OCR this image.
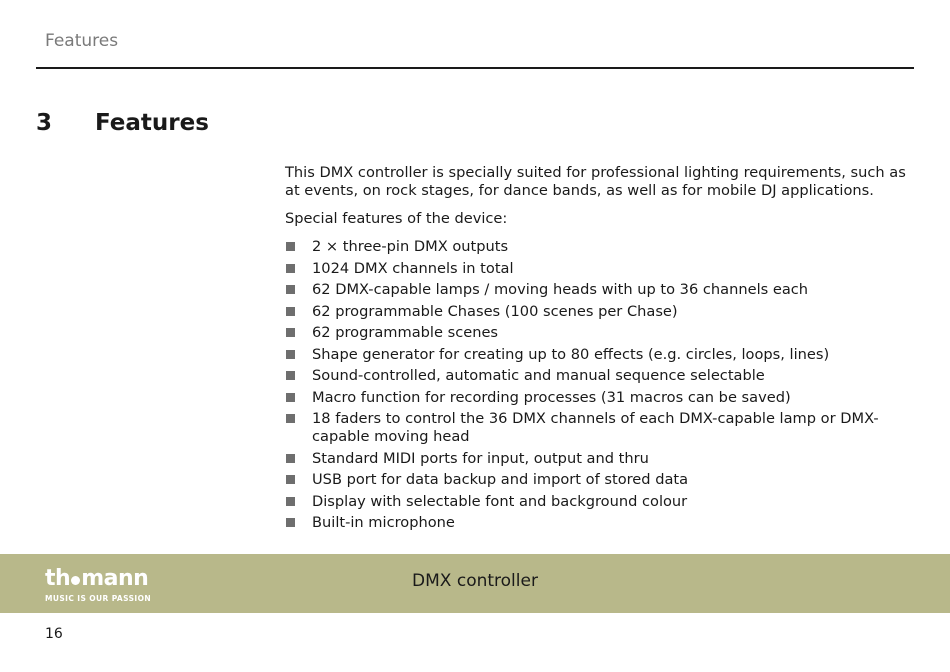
Features
3 Features

This DMX controller is specially suited for professional lighting requirements, such as at events, on rock stages, for dance bands, as well as for mobile DJ applications.

Special features of the device:

2 × three-pin DMX outputs
1024 DMX channels in total
62 DMX-capable lamps / moving heads with up to 36 channels each
62 programmable Chases (100 scenes per Chase)
62 programmable scenes
Shape generator for creating up to 80 effects (e.g. circles, loops, lines)
Sound-controlled, automatic and manual sequence selectable
Macro function for recording processes (31 macros can be saved)
18 faders to control the 36 DMX channels of each DMX-capable lamp or DMX-capable moving head
Standard MIDI ports for input, output and thru
USB port for data backup and import of stored data
Display with selectable font and background colour
Built-in microphone
th mann
MUSIC IS OUR PASSION
DMX controller
16
